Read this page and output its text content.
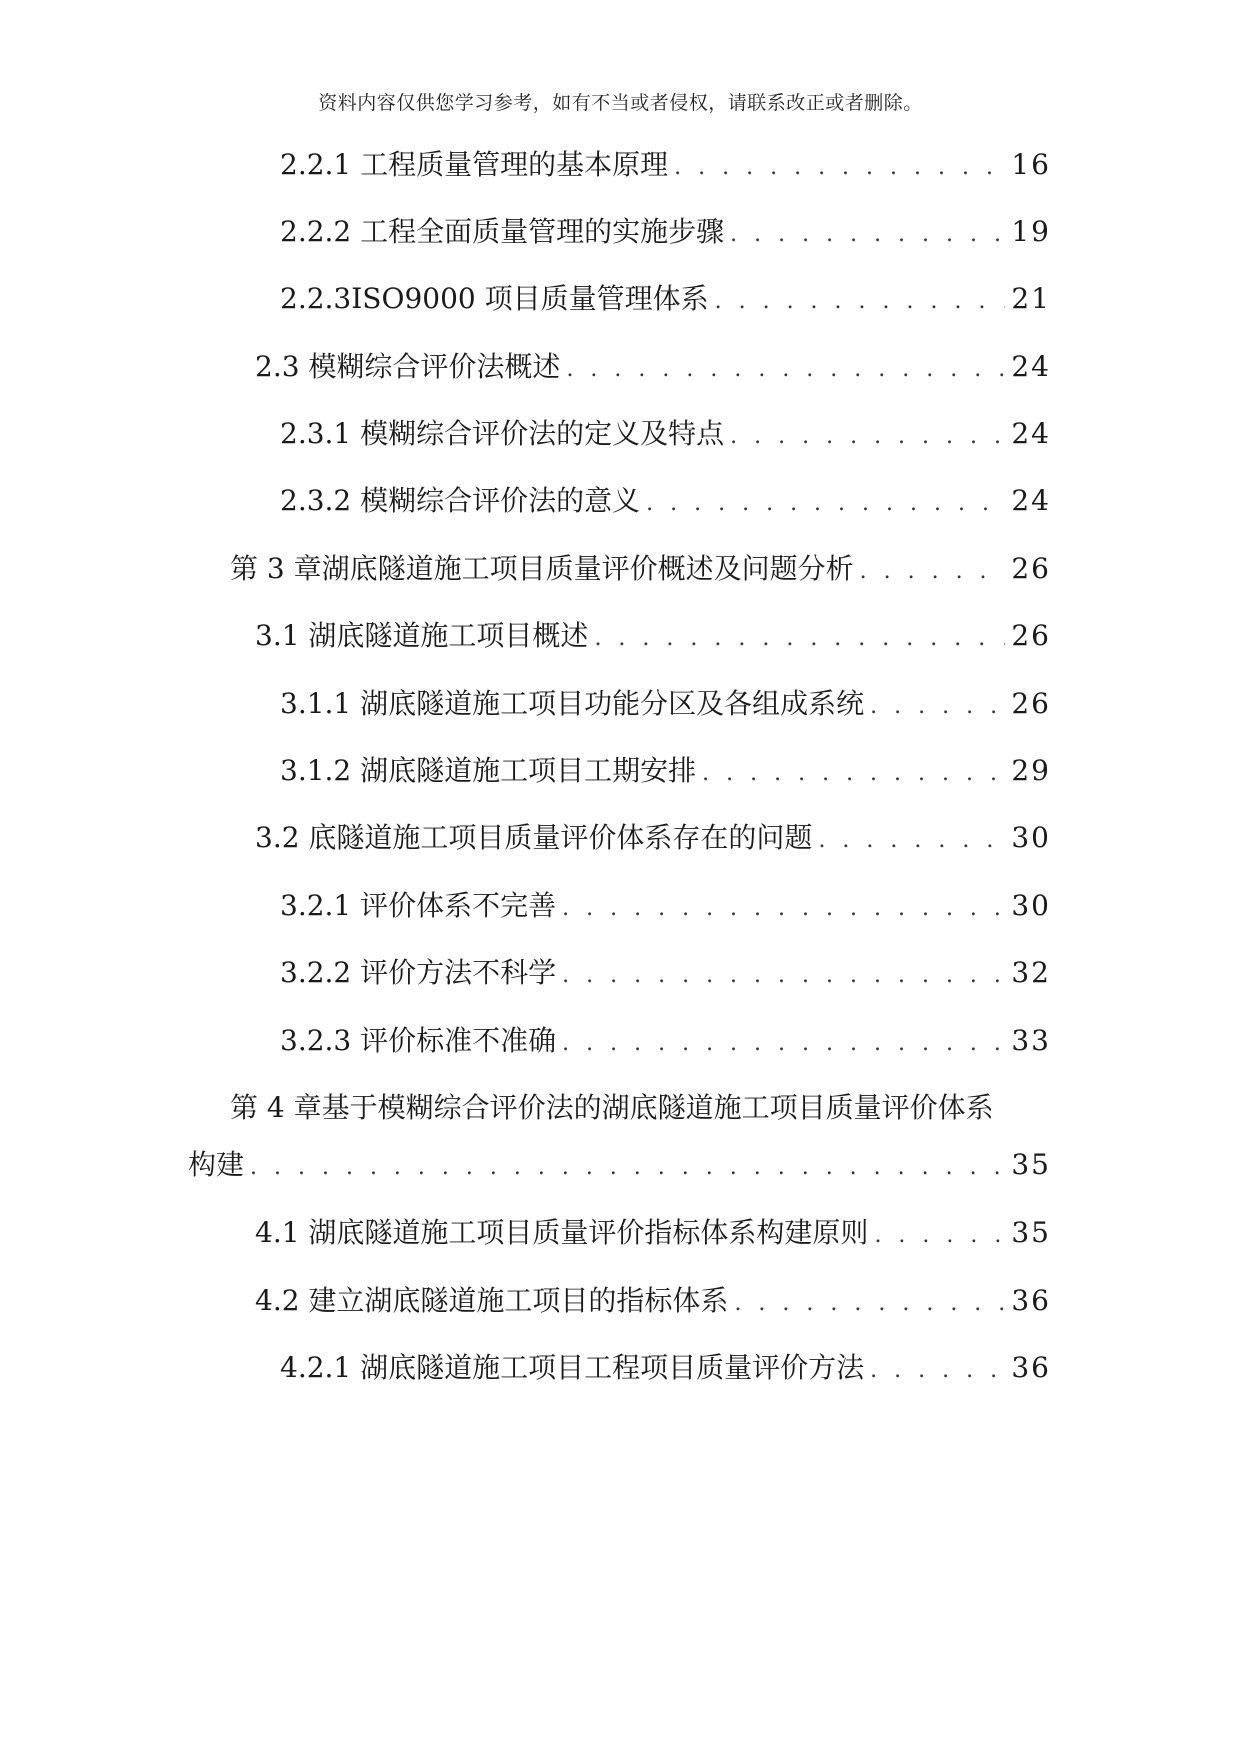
资料内容仅供您学习参考，如有不当或者侵权，请联系改正或者删除。
2.2.1 工程质量管理的基本原理 . . .	16
2.2.2 工程全面质量管理的实施步骤 . . .	19
2.2.3ISO9000 项目质量管理体系 . . .	21
2.3 模糊综合评价法概述 . . .	24
2.3.1 模糊综合评价法的定义及特点 . . .	24
2.3.2 模糊综合评价法的意义 . . .	24
第 3 章湖底隧道施工项目质量评价概述及问题分析 . . .	26
3.1 湖底隧道施工项目概述 . . .	26
3.1.1 湖底隧道施工项目功能分区及各组成系统 . . .	26
3.1.2 湖底隧道施工项目工期安排 . . .	29
3.2 底隧道施工项目质量评价体系存在的问题 . . .	30
3.2.1 评价体系不完善 . . .	30
3.2.2 评价方法不科学 . . .	32
3.2.3 评价标准不准确 . . .	33
第 4 章基于模糊综合评价法的湖底隧道施工项目质量评价体系
构建 . . .	35
4.1 湖底隧道施工项目质量评价指标体系构建原则 . . .	35
4.2 建立湖底隧道施工项目的指标体系 . . .	36
4.2.1 湖底隧道施工项目工程项目质量评价方法 . . .	36
